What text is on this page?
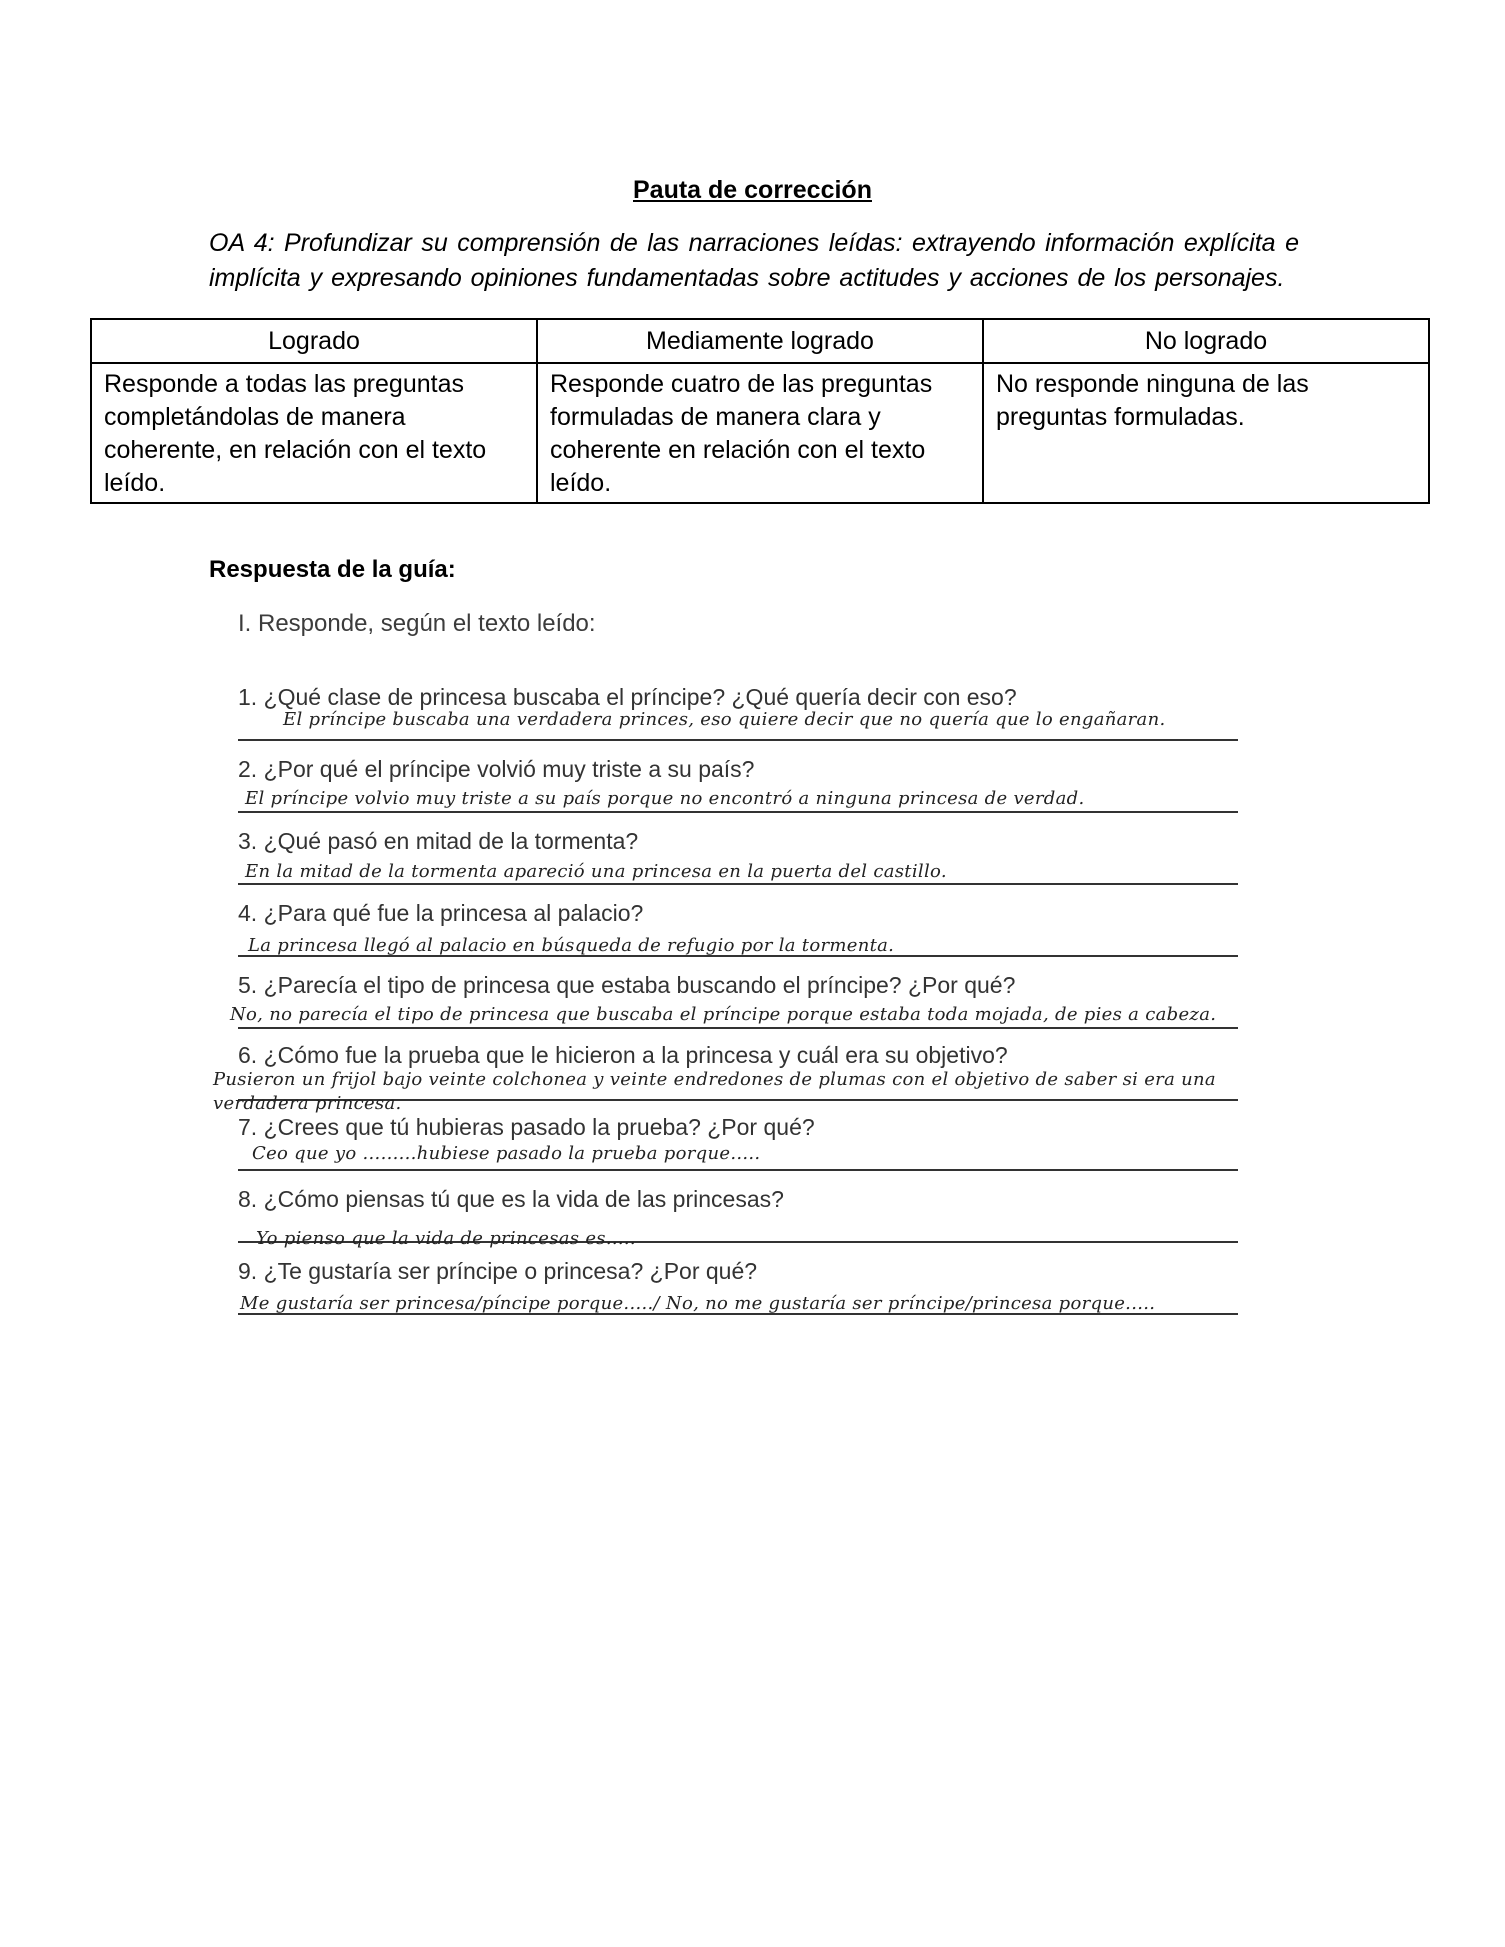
Pauta de corrección
OA 4: Profundizar su comprensión de las narraciones leídas: extrayendo información explícita e implícita y expresando opiniones fundamentadas sobre actitudes y acciones de los personajes.
Logrado	Mediamente logrado	No logrado
Responde a todas las preguntas completándolas de manera coherente, en relación con el texto leído.	Responde cuatro de las preguntas formuladas de manera clara y coherente en relación con el texto leído.	No responde ninguna de las preguntas formuladas.
Respuesta de la guía:
I. Responde, según el texto leído:
1. ¿Qué clase de princesa buscaba el príncipe? ¿Qué quería decir con eso?
El príncipe buscaba una verdadera princes, eso quiere decir que no quería que lo engañaran.
2. ¿Por qué el príncipe volvió muy triste a su país?
El príncipe volvio muy triste a su país porque no encontró a ninguna princesa de verdad.
3. ¿Qué pasó en mitad de la tormenta?
En la mitad de la tormenta apareció una princesa en la puerta del castillo.
4. ¿Para qué fue la princesa al palacio?
La princesa llegó al palacio en búsqueda de refugio por la tormenta.
5. ¿Parecía el tipo de princesa que estaba buscando el príncipe? ¿Por qué?
No, no parecía el tipo de princesa que buscaba el príncipe porque estaba toda mojada, de pies a cabeza.
6. ¿Cómo fue la prueba que le hicieron a la princesa y cuál era su objetivo?
Pusieron un frijol bajo veinte colchonea y veinte endredones de plumas con el objetivo de saber si era una verdadera princesa.
7. ¿Crees que tú hubieras pasado la prueba? ¿Por qué?
Ceo que yo .........hubiese pasado la prueba porque.....
8. ¿Cómo piensas tú que es la vida de las princesas?
Yo pienso que la vida de princesas es.....
9. ¿Te gustaría ser príncipe o princesa? ¿Por qué?
Me gustaría ser princesa/píncipe porque...../ No, no me gustaría ser príncipe/princesa porque.....
